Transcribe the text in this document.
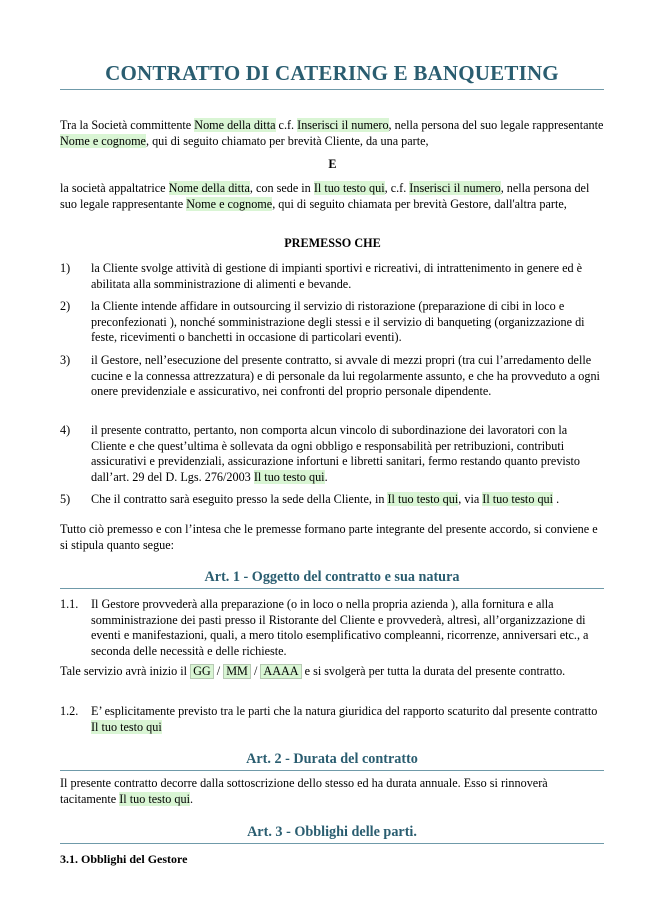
CONTRATTO DI CATERING E BANQUETING
Tra la Società committente Nome della ditta c.f. Inserisci il numero, nella persona del suo legale rappresentante Nome e cognome, qui di seguito chiamato per brevità Cliente, da una parte,
E
la società appaltatrice Nome della ditta, con sede in Il tuo testo qui, c.f. Inserisci il numero, nella persona del suo legale rappresentante Nome e cognome, qui di seguito chiamata per brevità Gestore, dall'altra parte,
PREMESSO CHE
1) la Cliente svolge attività di gestione di impianti sportivi e ricreativi, di intrattenimento in genere ed è abilitata alla somministrazione di alimenti e bevande.
2) la Cliente intende affidare in outsourcing il servizio di ristorazione (preparazione di cibi in loco e preconfezionati ), nonché somministrazione degli stessi e il servizio di banqueting (organizzazione di feste, ricevimenti o banchetti in occasione di particolari eventi).
3) il Gestore, nell’esecuzione del presente contratto, si avvale di mezzi propri (tra cui l’arredamento delle cucine e la connessa attrezzatura) e di personale da lui regolarmente assunto, e che ha provveduto a ogni onere previdenziale e assicurativo, nei confronti del proprio personale dipendente.
4) il presente contratto, pertanto, non comporta alcun vincolo di subordinazione dei lavoratori con la Cliente e che quest’ultima è sollevata da ogni obbligo e responsabilità per retribuzioni, contributi assicurativi e previdenziali, assicurazione infortuni e libretti sanitari, fermo restando quanto previsto dall’art. 29 del D. Lgs. 276/2003 Il tuo testo qui.
5) Che il contratto sarà eseguito presso la sede della Cliente, in Il tuo testo qui, via Il tuo testo qui .
Tutto ciò premesso e con l’intesa che le premesse formano parte integrante del presente accordo, si conviene e si stipula quanto segue:
Art. 1 - Oggetto del contratto e sua natura
1.1. Il Gestore provvederà alla preparazione (o in loco o nella propria azienda ), alla fornitura e alla somministrazione dei pasti presso il Ristorante del Cliente e provvederà, altresì, all’organizzazione di eventi e manifestazioni, quali, a mero titolo esemplificativo compleanni, ricorrenze, anniversari etc., a seconda delle necessità e delle richieste.
Tale servizio avrà inizio il GG / MM / AAAA e si svolgerà per tutta la durata del presente contratto.
1.2. E’ esplicitamente previsto tra le parti che la natura giuridica del rapporto scaturito dal presente contratto Il tuo testo qui
Art. 2 - Durata del contratto
Il presente contratto decorre dalla sottoscrizione dello stesso ed ha durata annuale. Esso si rinnoverà tacitamente Il tuo testo qui.
Art. 3 - Obblighi delle parti.
3.1. Obblighi del Gestore
